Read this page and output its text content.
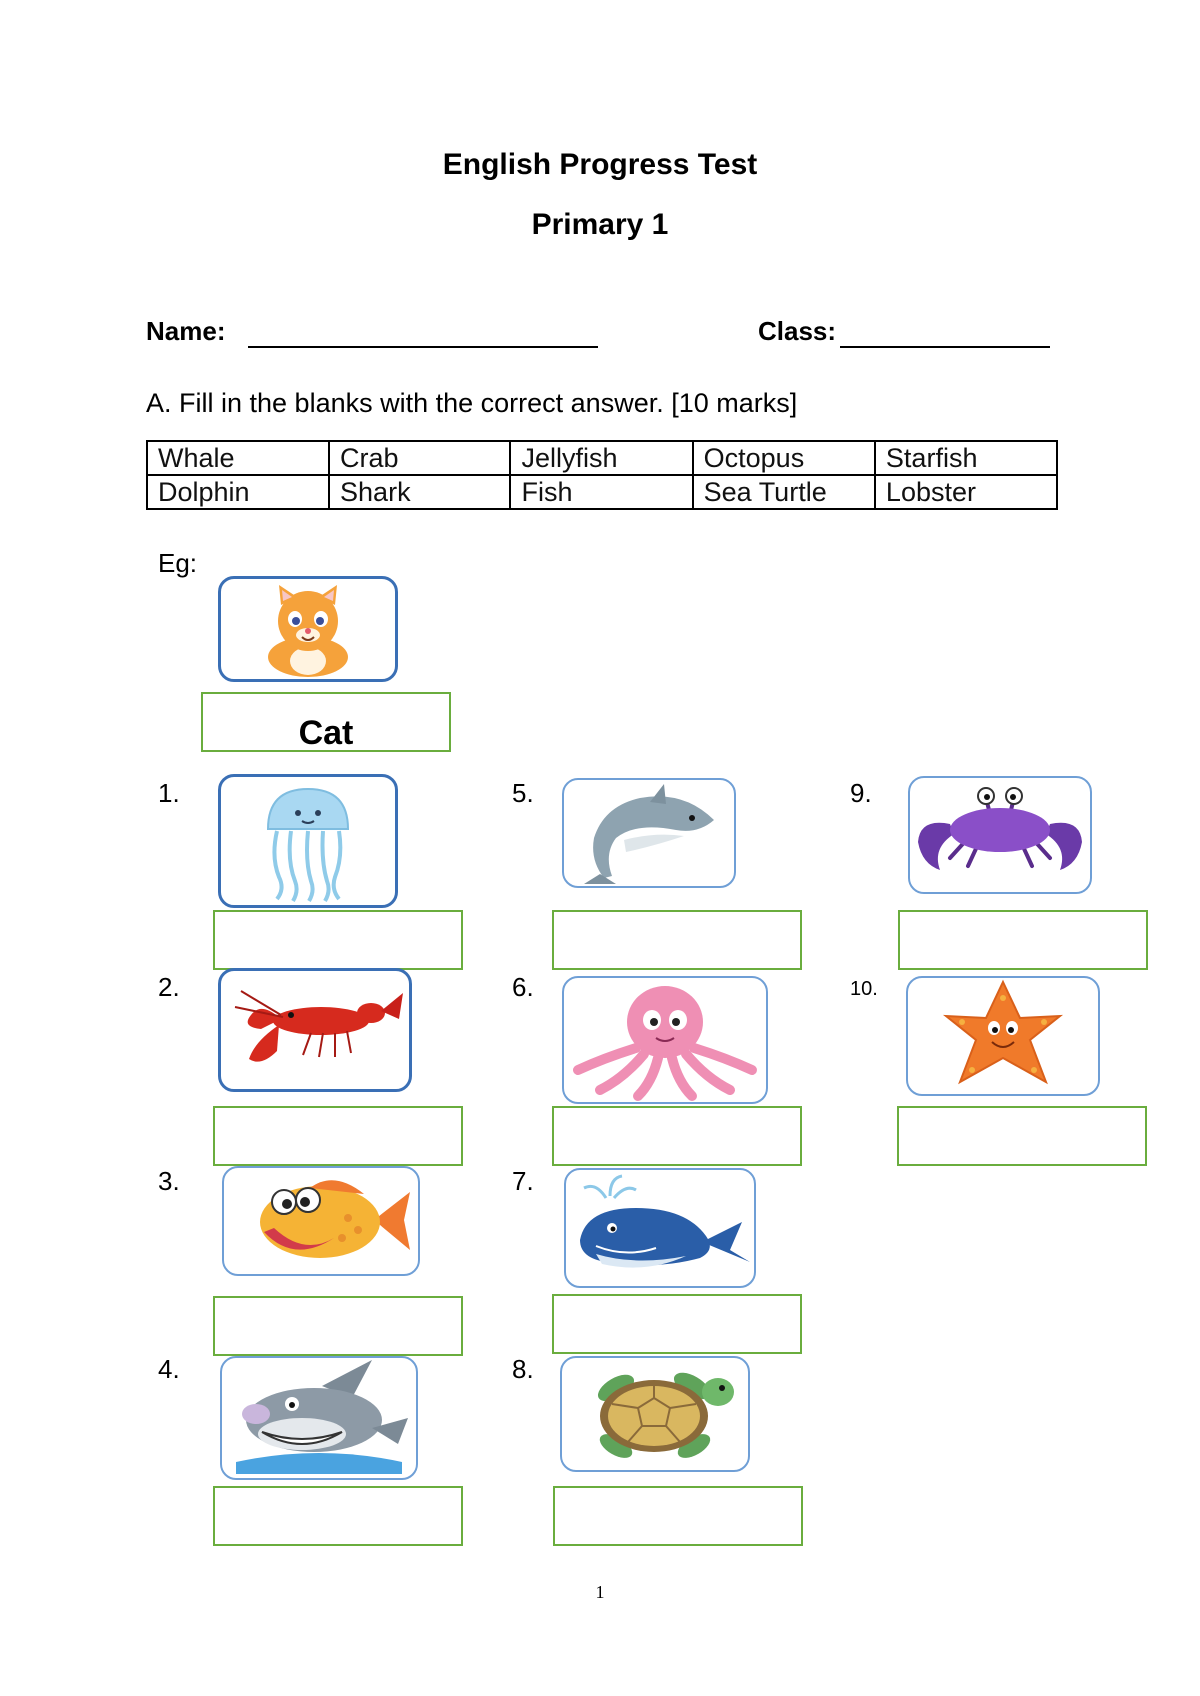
English Progress Test
Primary 1
Name:	Class:
A. Fill in the blanks with the correct answer. [10 marks]
Whale	Crab	Jellyfish	Octopus	Starfish
Dolphin	Shark	Fish	Sea Turtle	Lobster
Eg:
Cat
1.
2.
3.
4.
5.
6.
7.
8.
9.
10.
1
